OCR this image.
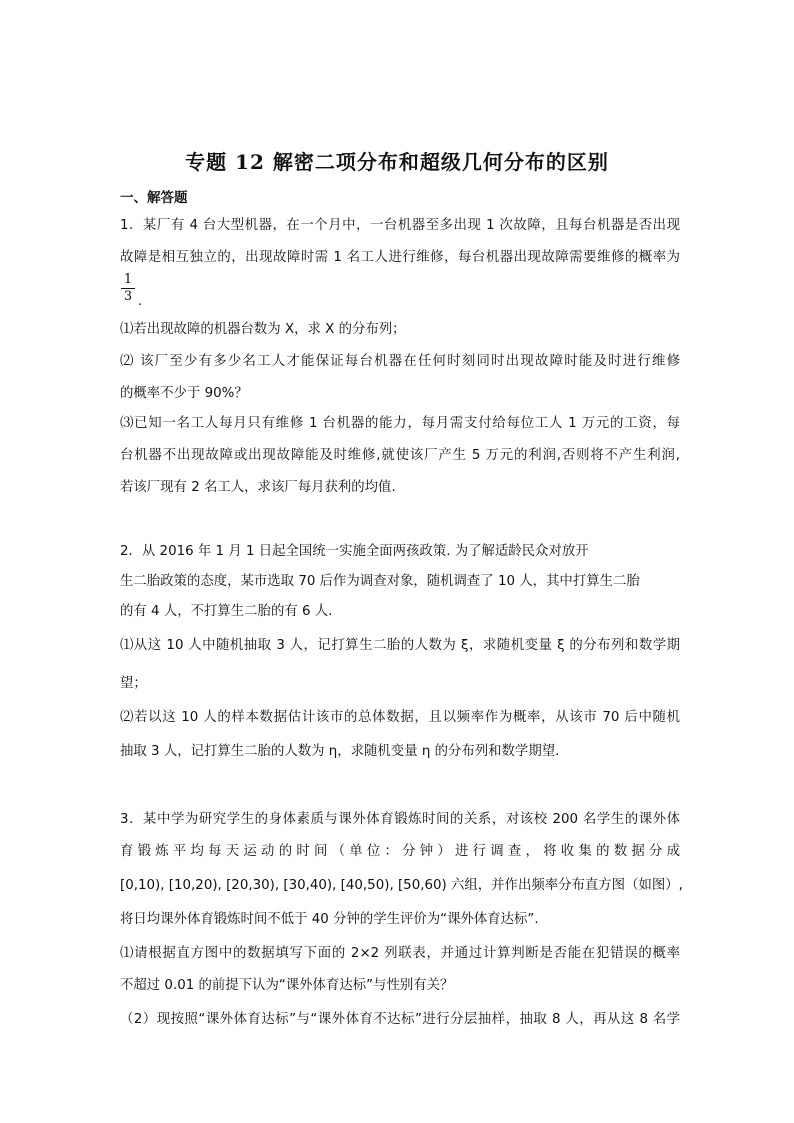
专题 12 解密二项分布和超级几何分布的区别
一、解答题
1．某厂有 4 台大型机器，在一个月中，一台机器至多出现 1 次故障，且每台机器是否出现
故障是相互独立的，出现故障时需 1 名工人进行维修，每台机器出现故障需要维修的概率为
1
3 .
⑴若出现故障的机器台数为 X，求 X 的分布列；
⑵ 该厂至少有多少名工人才能保证每台机器在任何时刻同时出现故障时能及时进行维修
的概率不少于 90%？
⑶已知一名工人每月只有维修 1 台机器的能力，每月需支付给每位工人 1 万元的工资，每
台机器不出现故障或出现故障能及时维修,就使该厂产生 5 万元的利润,否则将不产生利润,
若该厂现有 2 名工人，求该厂每月获利的均值.
2．从 2016 年 1 月 1 日起全国统一实施全面两孩政策. 为了解适龄民众对放开
生二胎政策的态度，某市选取 70 后作为调查对象，随机调查了 10 人，其中打算生二胎
的有 4 人，不打算生二胎的有 6 人.
⑴从这 10 人中随机抽取 3 人，记打算生二胎的人数为 ξ，求随机变量 ξ 的分布列和数学期
望；
⑵若以这 10 人的样本数据估计该市的总体数据，且以频率作为概率，从该市 70 后中随机
抽取 3 人，记打算生二胎的人数为 η，求随机变量 η 的分布列和数学期望.
3．某中学为研究学生的身体素质与课外体育锻炼时间的关系，对该校 200 名学生的课外体
育锻炼平均每天运动的时间（单位：分钟）进行调查，将收集的数据分成
[0,10), [10,20), [20,30), [30,40), [40,50), [50,60) 六组，并作出频率分布直方图（如图）,
将日均课外体育锻炼时间不低于 40 分钟的学生评价为“课外体育达标”.
⑴请根据直方图中的数据填写下面的 2×2 列联表，并通过计算判断是否能在犯错误的概率
不超过 0.01 的前提下认为“课外体育达标”与性别有关？
（2）现按照“课外体育达标”与“课外体育不达标”进行分层抽样，抽取 8 人，再从这 8 名学
